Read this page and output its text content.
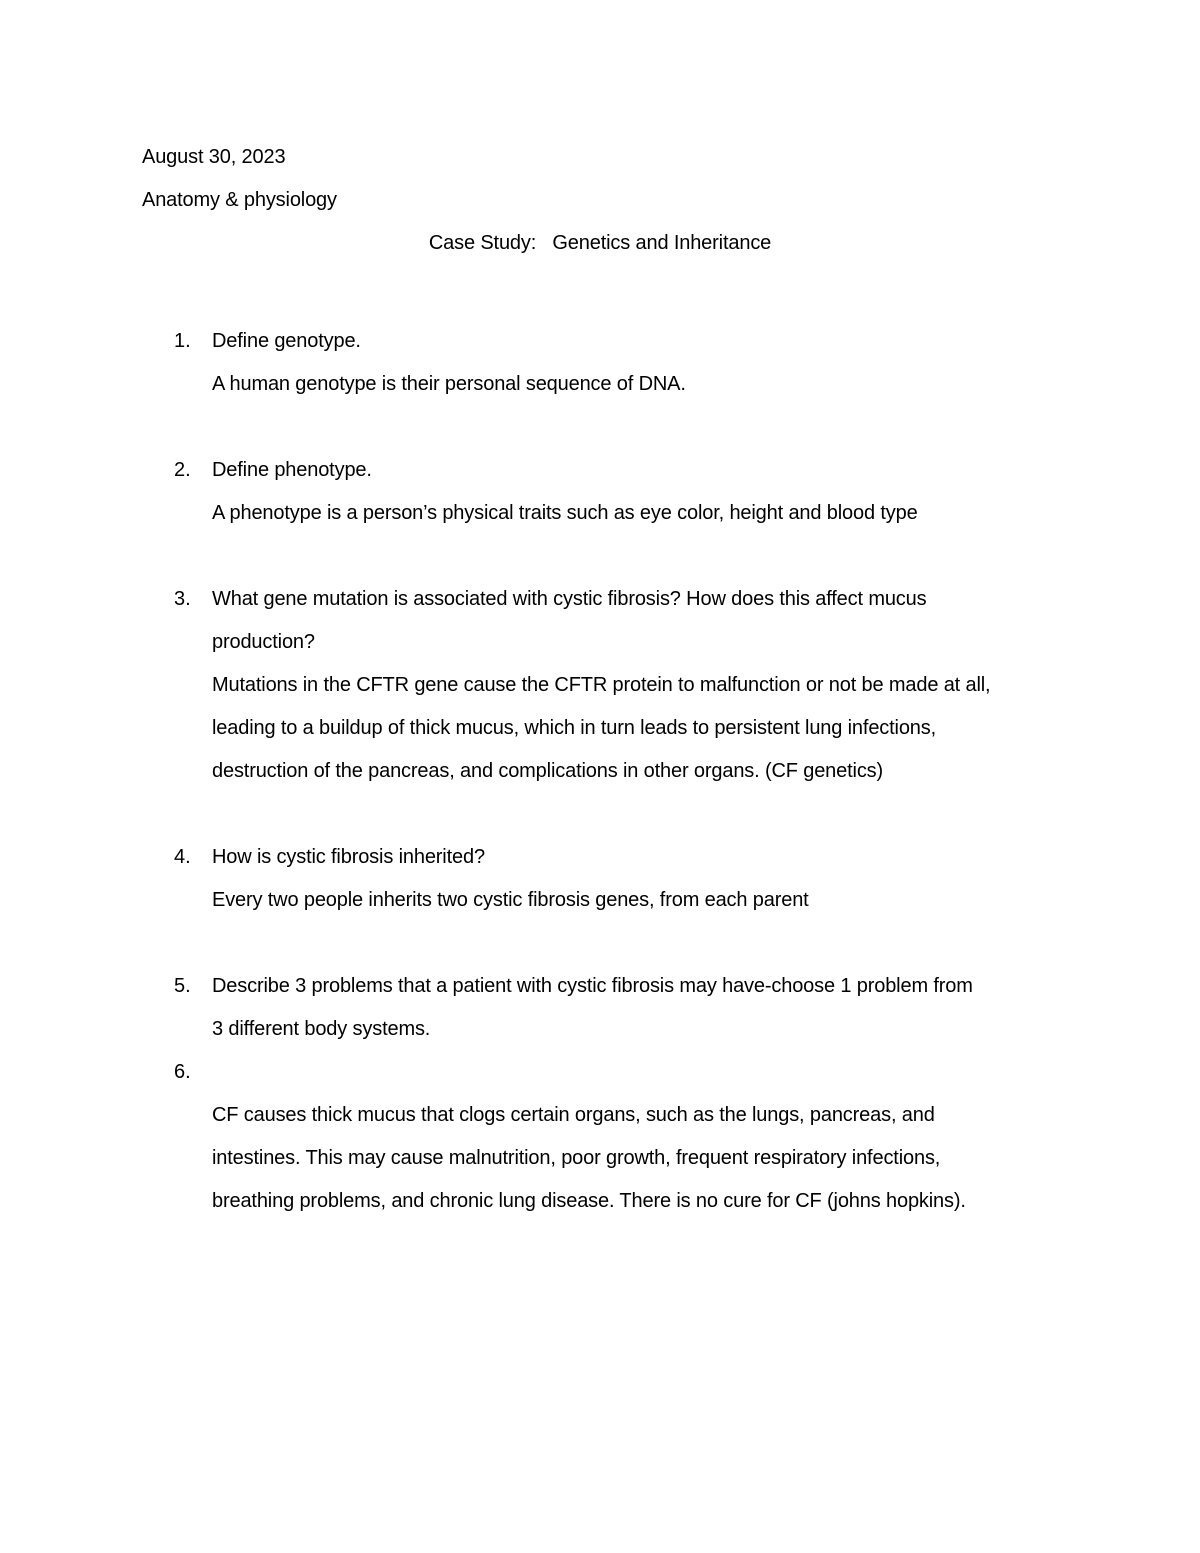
August 30, 2023
Anatomy & physiology
Case Study:   Genetics and Inheritance
1. Define genotype.
A human genotype is their personal sequence of DNA.
2. Define phenotype.
A phenotype is a person’s physical traits such as eye color, height and blood type
3. What gene mutation is associated with cystic fibrosis? How does this affect mucus
production?
Mutations in the CFTR gene cause the CFTR protein to malfunction or not be made at all,
leading to a buildup of thick mucus, which in turn leads to persistent lung infections,
destruction of the pancreas, and complications in other organs. (CF genetics)
4. How is cystic fibrosis inherited?
Every two people inherits two cystic fibrosis genes, from each parent
5. Describe 3 problems that a patient with cystic fibrosis may have-choose 1 problem from
3 different body systems.
6.
CF causes thick mucus that clogs certain organs, such as the lungs, pancreas, and
intestines. This may cause malnutrition, poor growth, frequent respiratory infections,
breathing problems, and chronic lung disease. There is no cure for CF (johns hopkins).
